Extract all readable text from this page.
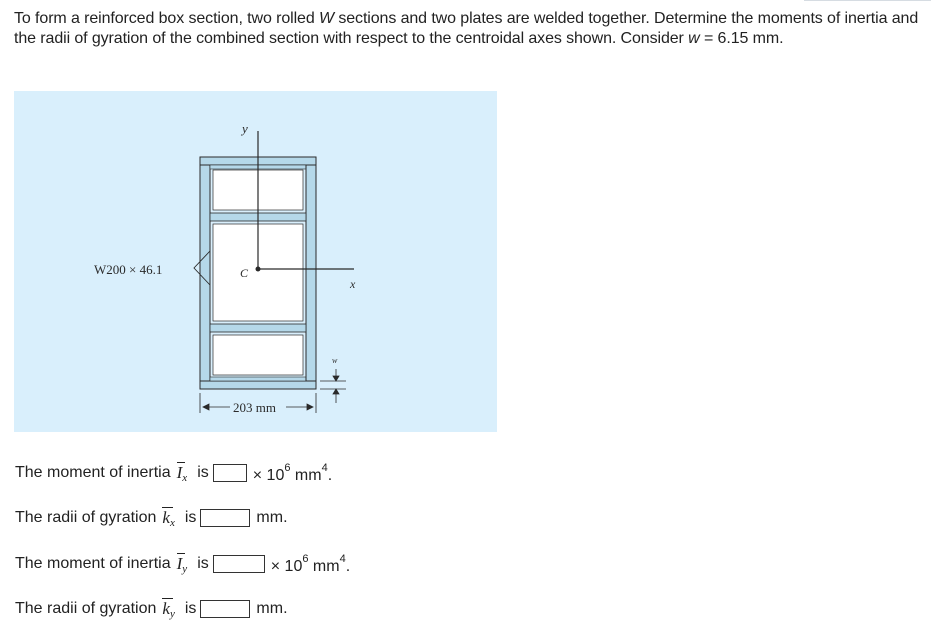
To form a reinforced box section, two rolled W sections and two plates are welded together. Determine the moments of inertia and the radii of gyration of the combined section with respect to the centroidal axes shown. Consider w = 6.15 mm.
y
x
C
W200 × 46.1
w
203 mm
The moment of inertia $I_x$ is	× $10^6$ $mm^4$.
The radii of gyration $k_x$ is	mm.
The moment of inertia $I_y$ is	× $10^6$ $mm^4$.
The radii of gyration $k_y$ is	mm.
